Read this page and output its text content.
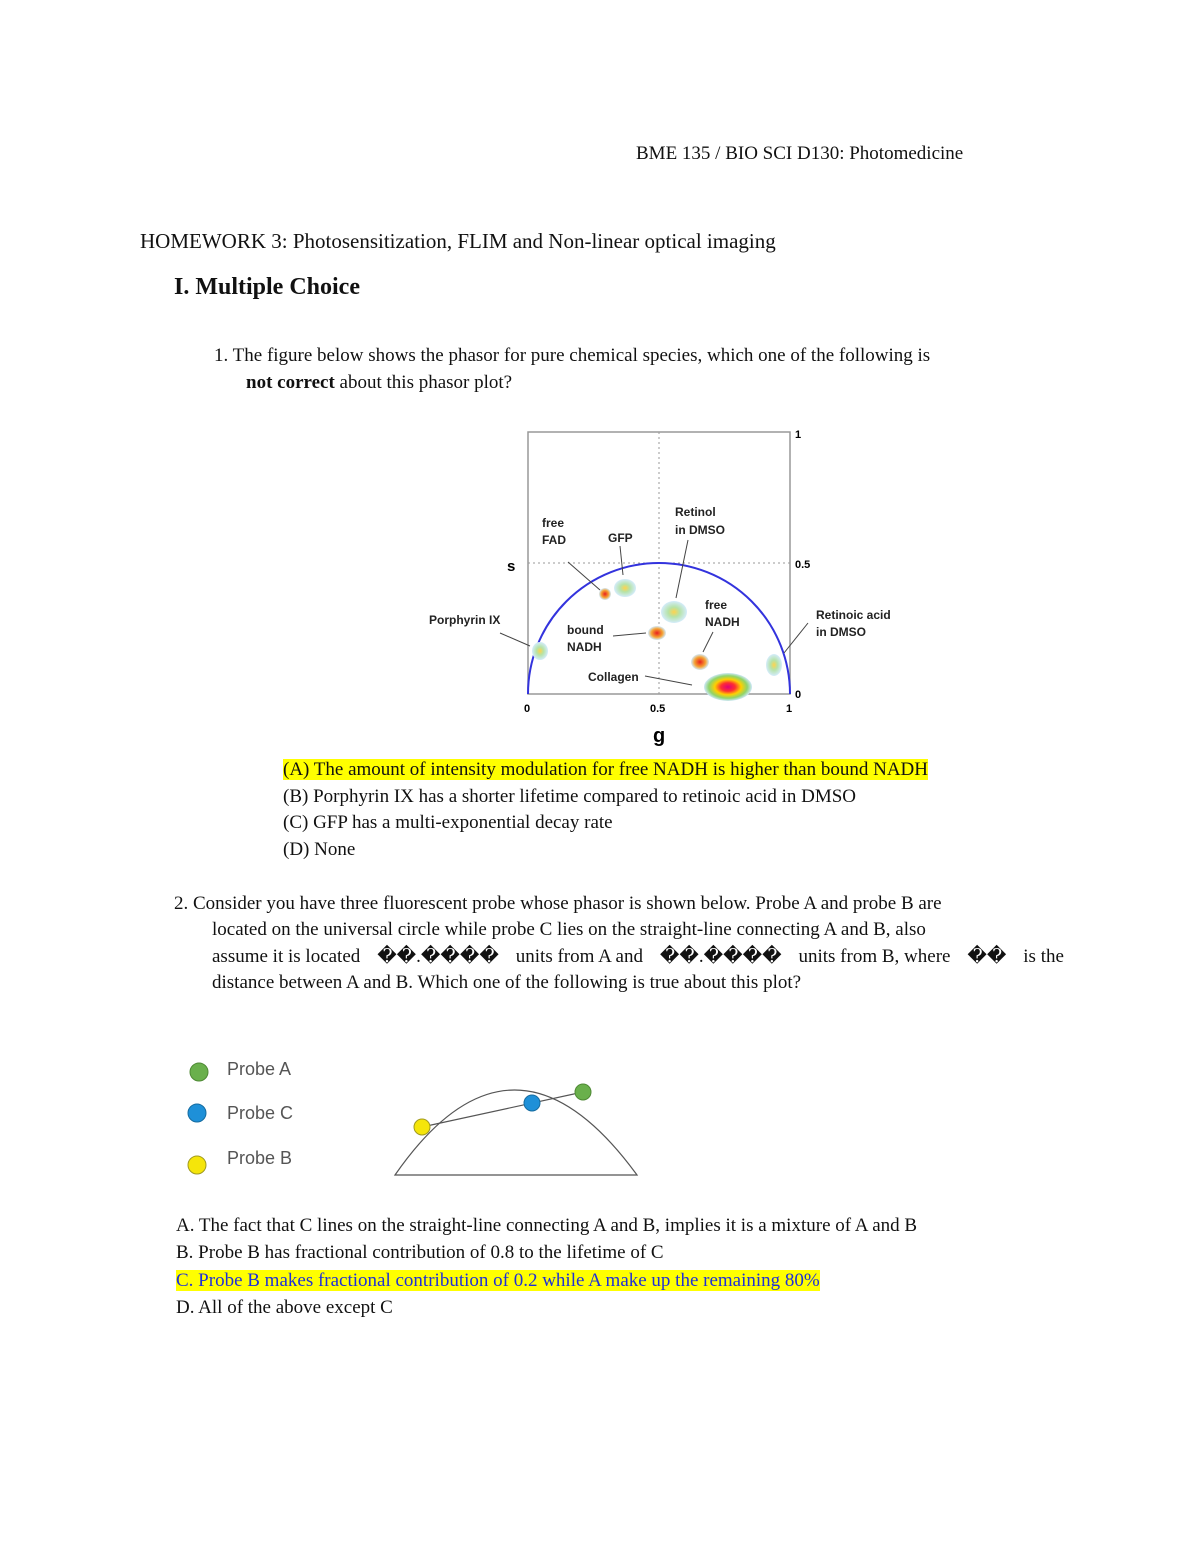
BME 135 / BIO SCI D130: Photomedicine
HOMEWORK 3: Photosensitization, FLIM and Non-linear optical imaging
I. Multiple Choice
1. The figure below shows the phasor for pure chemical species, which one of the following is
not correct about this phasor plot?
0	0.5	1
1
0.5
0
s
g
free
FAD	GFP
Retinol
in DMSO
Porphyrin IX
bound
NADH
free
NADH	Retinoic acid
in DMSO
Collagen
(A) The amount of intensity modulation for free NADH is higher than bound NADH
(B) Porphyrin IX has a shorter lifetime compared to retinoic acid in DMSO
(C) GFP has a multi-exponential decay rate
(D) None
2. Consider you have three fluorescent probe whose phasor is shown below. Probe A and probe B are
located on the universal circle while probe C lies on the straight-line connecting A and B, also
assume it is located ��.���� units from A and ��.���� units from B, where �� is the
distance between A and B. Which one of the following is true about this plot?
Probe A
Probe C
Probe B
A. The fact that C lines on the straight-line connecting A and B, implies it is a mixture of A and B
B. Probe B has fractional contribution of 0.8 to the lifetime of C
C. Probe B makes fractional contribution of 0.2 while A make up the remaining 80%
D. All of the above except C
